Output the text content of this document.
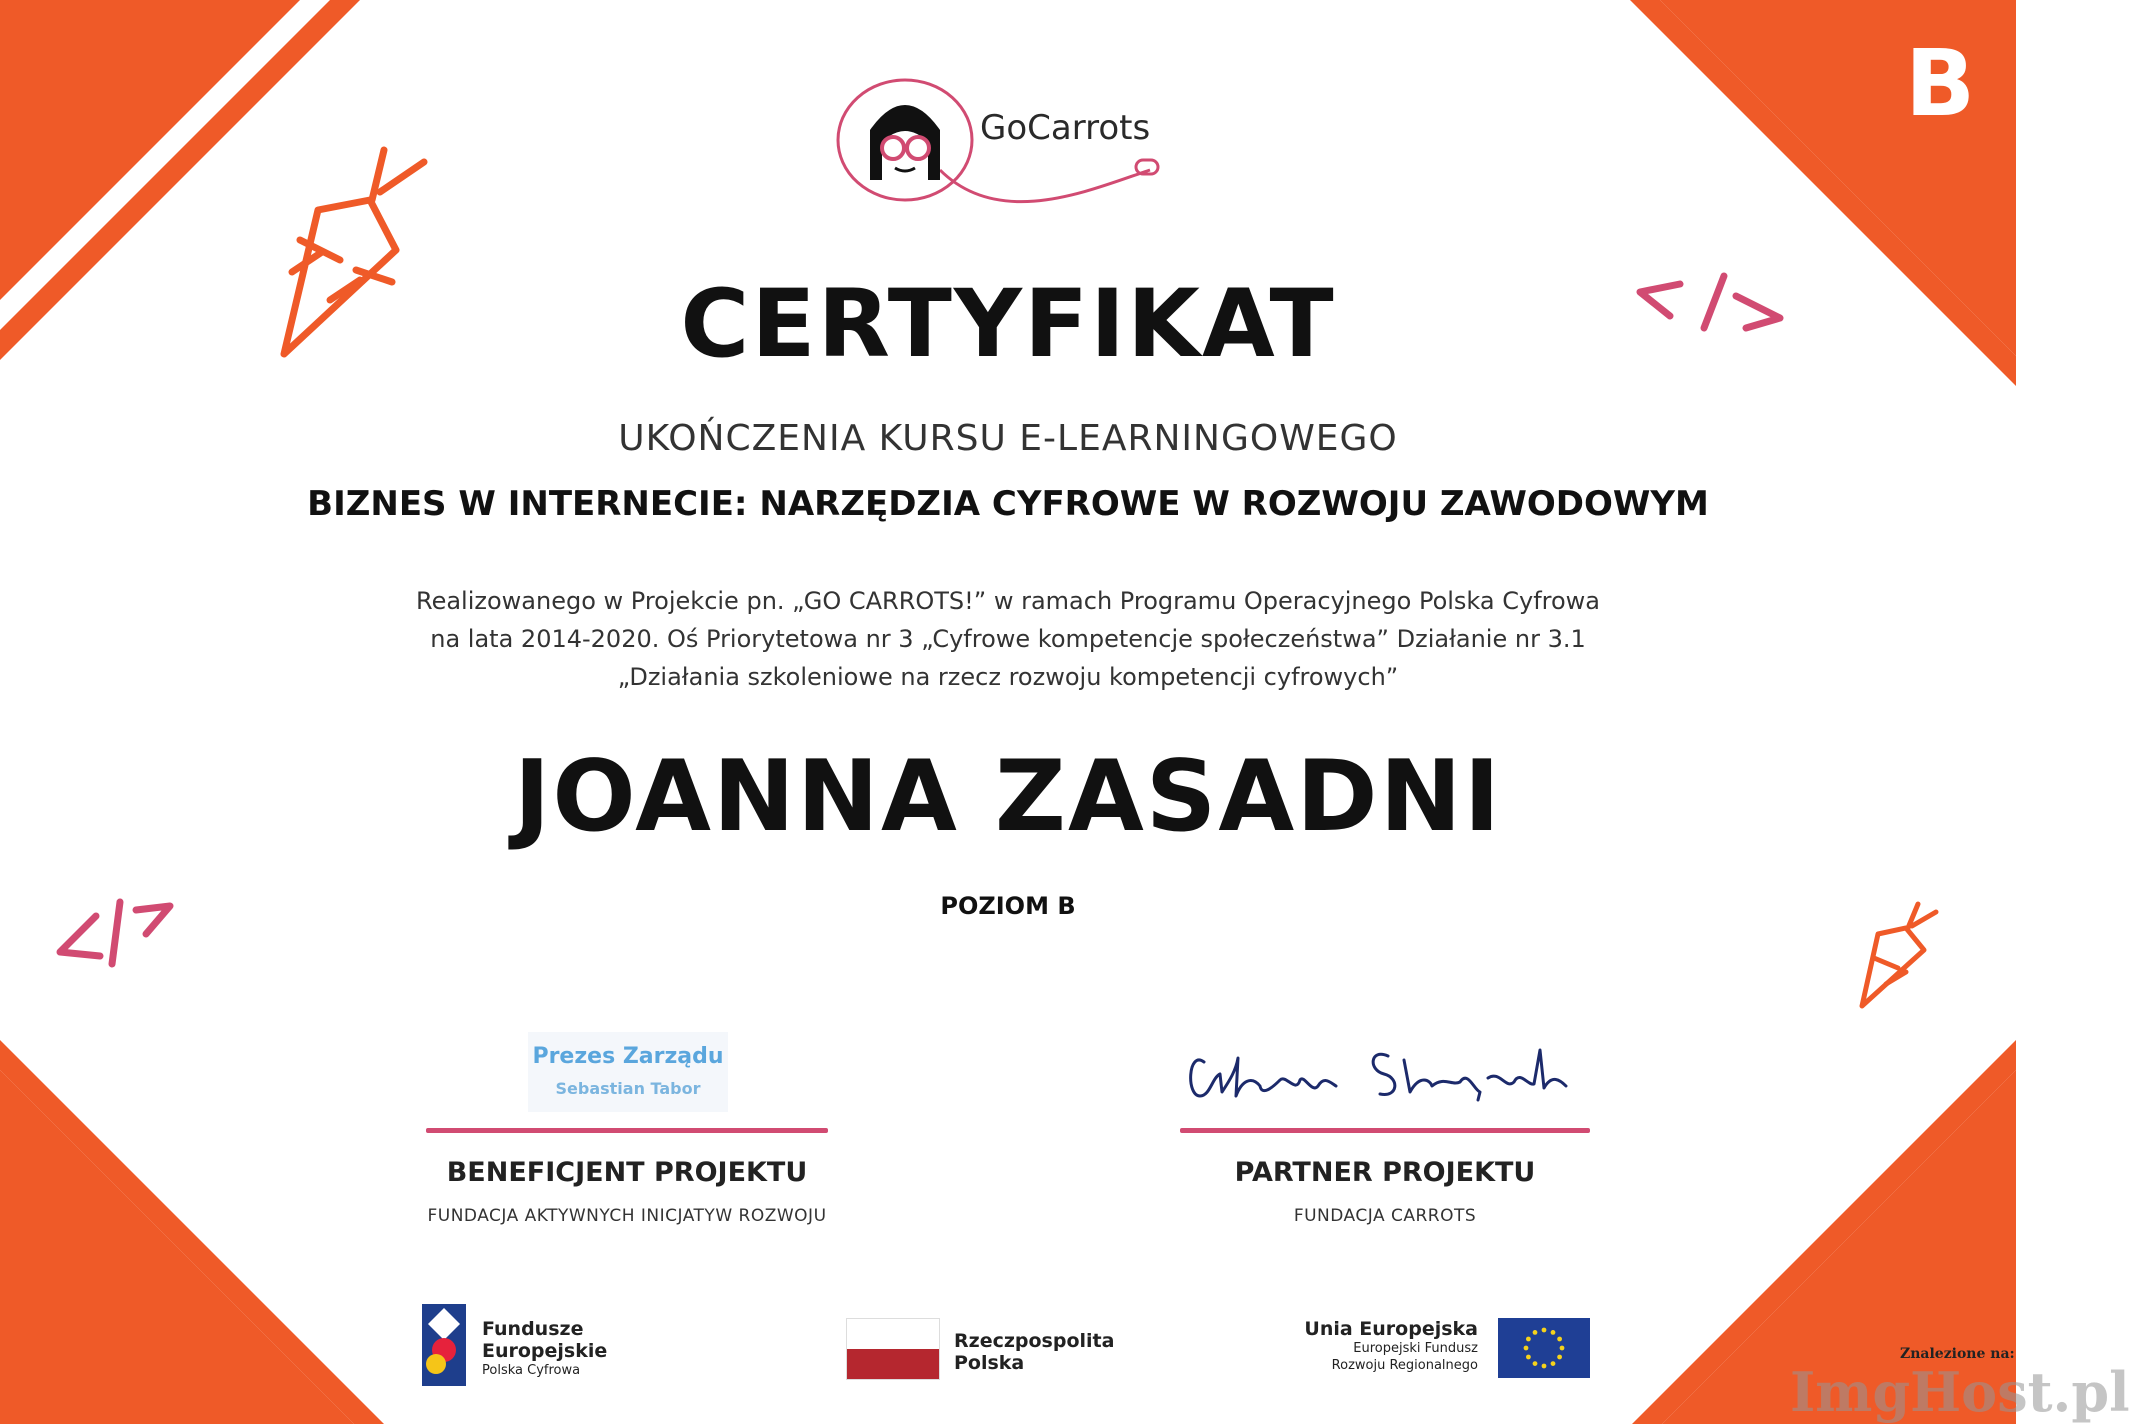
GoCarrots	B
CERTYFIKAT
UKOŃCZENIA KURSU E-LEARNINGOWEGO
BIZNES W INTERNECIE: NARZĘDZIA CYFROWE W ROZWOJU ZAWODOWYM
Realizowanego w Projekcie pn. „GO CARROTS!” w ramach Programu Operacyjnego Polska Cyfrowa
na lata 2014-2020. Oś Priorytetowa nr 3 „Cyfrowe kompetencje społeczeństwa” Działanie nr 3.1
„Działania szkoleniowe na rzecz rozwoju kompetencji cyfrowych”
JOANNA ZASADNI
POZIOM B
Prezes Zarządu
Sebastian Tabor
BENEFICJENT PROJEKTU
FUNDACJA AKTYWNYCH INICJATYW ROZWOJU
PARTNER PROJEKTU
FUNDACJA CARROTS
Fundusze
Europejskie
Polska Cyfrowa
Rzeczpospolita
Polska
Unia Europejska
Europejski Fundusz
Rozwoju Regionalnego
Znalezione na:
ImgHost.pl
